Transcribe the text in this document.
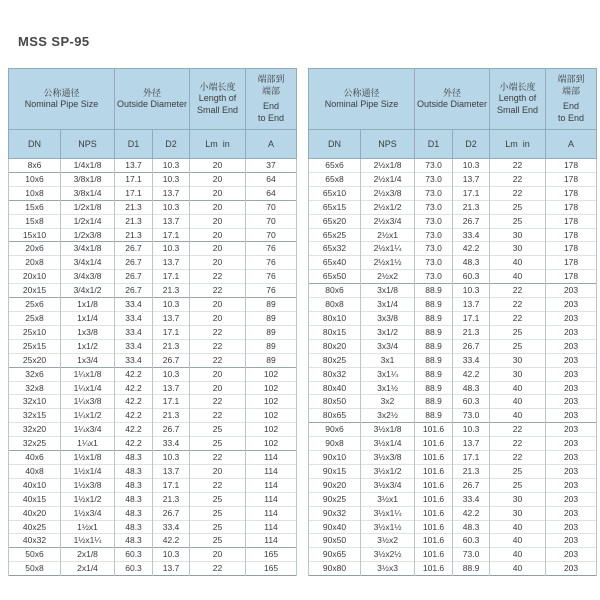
MSS SP-95
公称通径
Nominal Pipe Size

外径
Outside Diameter

小端长度
Length of
Small End

端部到
端部
End
to End

DN	NPS	D1	D2	Lm  in	A
8x6	1/4x1/8	13.7	10.3	20	37
10x6	3/8x1/8	17.1	10.3	20	64
10x8	3/8x1/4	17.1	13.7	20	64
15x6	1/2x1/8	21.3	10.3	20	70
15x8	1/2x1/4	21.3	13.7	20	70
15x10	1/2x3/8	21.3	17.1	20	70
20x6	3/4x1/8	26.7	10.3	20	76
20x8	3/4x1/4	26.7	13.7	20	76
20x10	3/4x3/8	26.7	17.1	22	76
20x15	3/4x1/2	26.7	21.3	22	76
25x6	1x1/8	33.4	10.3	20	89
25x8	1x1/4	33.4	13.7	20	89
25x10	1x3/8	33.4	17.1	22	89
25x15	1x1/2	33.4	21.3	22	89
25x20	1x3/4	33.4	26.7	22	89
32x6	1¼x1/8	42.2	10.3	20	102
32x8	1¼x1/4	42.2	13.7	20	102
32x10	1¼x3/8	42.2	17.1	22	102
32x15	1¼x1/2	42.2	21.3	22	102
32x20	1¼x3/4	42.2	26.7	25	102
32x25	1¼x1	42.2	33.4	25	102
40x6	1½x1/8	48.3	10.3	22	114
40x8	1½x1/4	48.3	13.7	20	114
40x10	1½x3/8	48.3	17.1	22	114
40x15	1½x1/2	48.3	21.3	25	114
40x20	1½x3/4	48.3	26.7	25	114
40x25	1½x1	48.3	33.4	25	114
40x32	1½x1¼	48.3	42.2	25	114
50x6	2x1/8	60.3	10.3	20	165
50x8	2x1/4	60.3	13.7	22	165
公称通径
Nominal Pipe Size

外径
Outside Diameter

小端长度
Length of
Small End

端部到
端部
End
to End

DN	NPS	D1	D2	Lm  in	A
65x6	2½x1/8	73.0	10.3	22	178
65x8	2½x1/4	73.0	13.7	22	178
65x10	2½x3/8	73.0	17.1	22	178
65x15	2½x1/2	73.0	21.3	25	178
65x20	2½x3/4	73.0	26.7	25	178
65x25	2½x1	73.0	33.4	30	178
65x32	2½x1¼	73.0	42.2	30	178
65x40	2½x1½	73.0	48.3	40	178
65x50	2½x2	73.0	60.3	40	178
80x6	3x1/8	88.9	10.3	22	203
80x8	3x1/4	88.9	13.7	22	203
80x10	3x3/8	88.9	17.1	22	203
80x15	3x1/2	88.9	21.3	25	203
80x20	3x3/4	88.9	26.7	25	203
80x25	3x1	88.9	33.4	30	203
80x32	3x1¼	88.9	42.2	30	203
80x40	3x1½	88.9	48.3	40	203
80x50	3x2	88.9	60.3	40	203
80x65	3x2½	88.9	73.0	40	203
90x6	3½x1/8	101.6	10.3	22	203
90x8	3½x1/4	101.6	13.7	22	203
90x10	3½x3/8	101.6	17.1	22	203
90x15	3½x1/2	101.6	21.3	25	203
90x20	3½x3/4	101.6	26.7	25	203
90x25	3½x1	101.6	33.4	30	203
90x32	3½x1¼	101.6	42.2	30	203
90x40	3½x1½	101.6	48.3	40	203
90x50	3½x2	101.6	60.3	40	203
90x65	3½x2½	101.6	73.0	40	203
90x80	3½x3	101.6	88.9	40	203
